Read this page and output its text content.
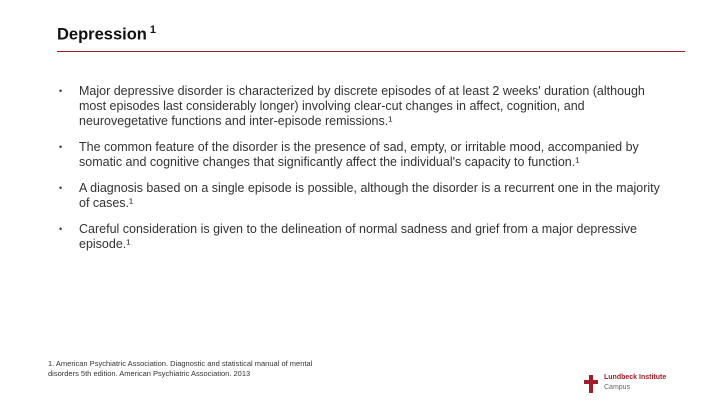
Depression $^1$
• Major depressive disorder is characterized by discrete episodes of at least 2 weeks' duration (although most episodes last considerably longer) involving clear-cut changes in affect, cognition, and neurovegetative functions and inter-episode remissions.¹
• The common feature of the disorder is the presence of sad, empty, or irritable mood, accompanied by somatic and cognitive changes that significantly affect the individual's capacity to function.¹
• A diagnosis based on a single episode is possible, although the disorder is a recurrent one in the majority of cases.¹
• Careful consideration is given to the delineation of normal sadness and grief from a major depressive episode.¹
1. American Psychiatric Association. Diagnostic and statistical manual of mental
disorders 5th edition. American Psychiatric Association. 2013	Lundbeck Institute
Campus
